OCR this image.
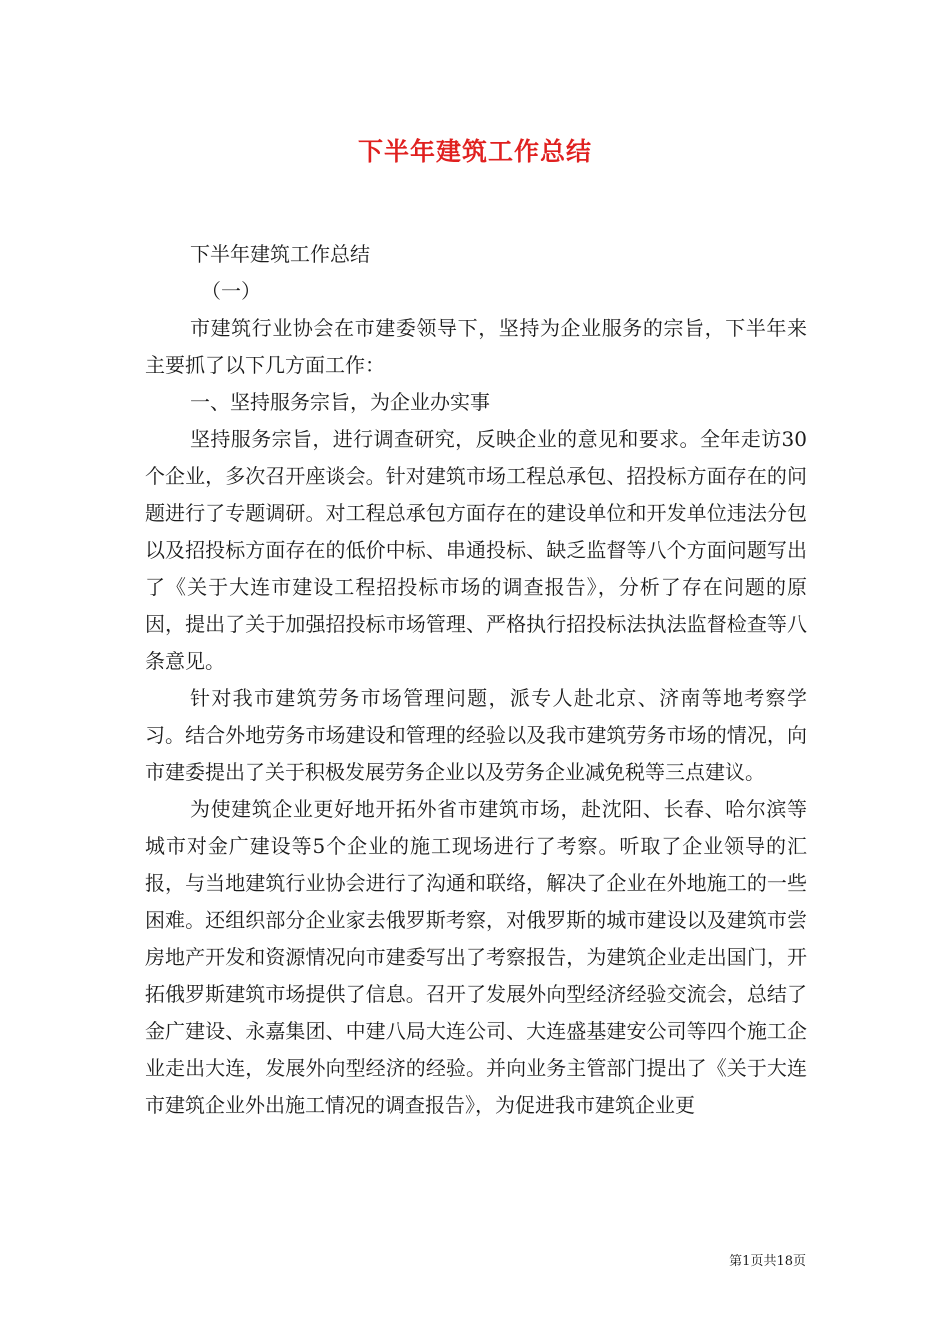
下半年建筑工作总结

下半年建筑工作总结

（一）

市建筑行业协会在市建委领导下，坚持为企业服务的宗旨，下半年来主要抓了以下几方面工作：

一、坚持服务宗旨，为企业办实事

坚持服务宗旨，进行调查研究，反映企业的意见和要求。全年走访30个企业，多次召开座谈会。针对建筑市场工程总承包、招投标方面存在的问题进行了专题调研。对工程总承包方面存在的建设单位和开发单位违法分包以及招投标方面存在的低价中标、串通投标、缺乏监督等八个方面问题写出了《关于大连市建设工程招投标市场的调查报告》，分析了存在问题的原因，提出了关于加强招投标市场管理、严格执行招投标法执法监督检查等八条意见。

针对我市建筑劳务市场管理问题，派专人赴北京、济南等地考察学习。结合外地劳务市场建设和管理的经验以及我市建筑劳务市场的情况，向市建委提出了关于积极发展劳务企业以及劳务企业减免税等三点建议。

为使建筑企业更好地开拓外省市建筑市场，赴沈阳、长春、哈尔滨等城市对金广建设等5个企业的施工现场进行了考察。听取了企业领导的汇报，与当地建筑行业协会进行了沟通和联络，解决了企业在外地施工的一些困难。还组织部分企业家去俄罗斯考察，对俄罗斯的城市建设以及建筑市尝房地产开发和资源情况向市建委写出了考察报告，为建筑企业走出国门，开拓俄罗斯建筑市场提供了信息。召开了发展外向型经济经验交流会，总结了金广建设、永嘉集团、中建八局大连公司、大连盛基建安公司等四个施工企业走出大连，发展外向型经济的经验。并向业务主管部门提出了《关于大连市建筑企业外出施工情况的调查报告》，为促进我市建筑企业更

第1页共18页
